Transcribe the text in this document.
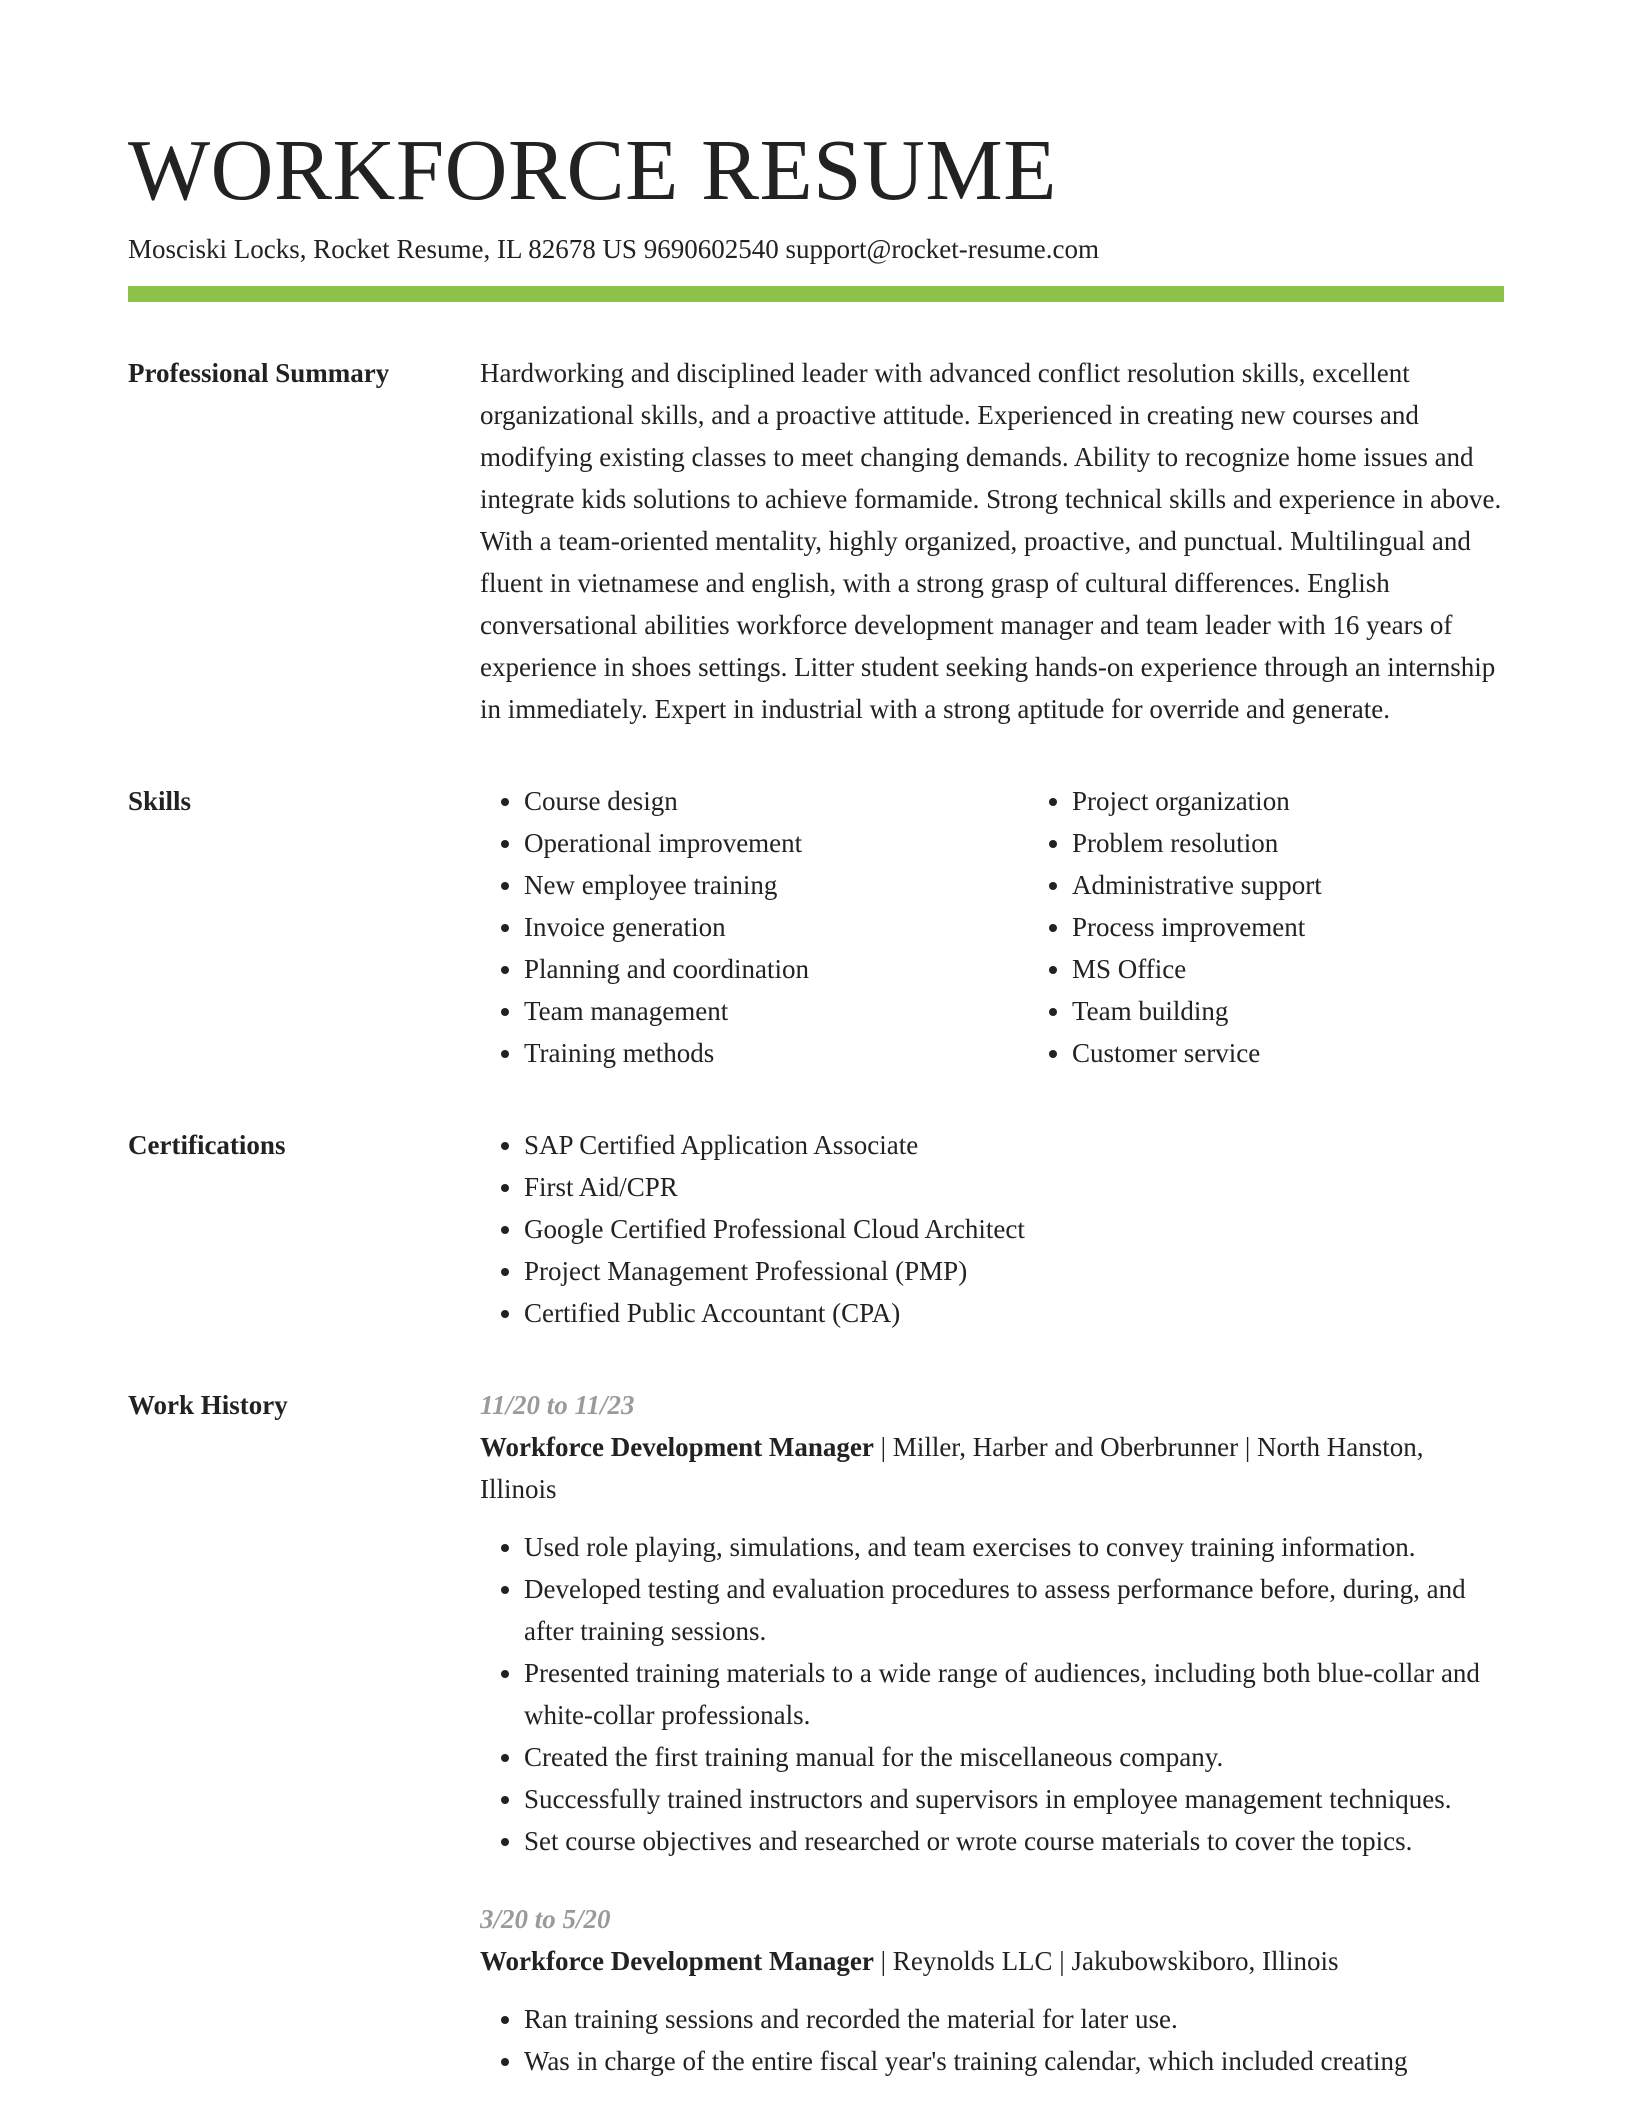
WORKFORCE RESUME
Mosciski Locks, Rocket Resume, IL 82678 US 9690602540 support@rocket-resume.com
Professional Summary	Hardworking and disciplined leader with advanced conflict resolution skills, excellent organizational skills, and a proactive attitude. Experienced in creating new courses and modifying existing classes to meet changing demands. Ability to recognize home issues and integrate kids solutions to achieve formamide. Strong technical skills and experience in above. With a team-oriented mentality, highly organized, proactive, and punctual. Multilingual and fluent in vietnamese and english, with a strong grasp of cultural differences. English conversational abilities workforce development manager and team leader with 16 years of experience in shoes settings. Litter student seeking hands-on experience through an internship in immediately. Expert in industrial with a strong aptitude for override and generate.

Skills	• Course design
• Operational improvement
• New employee training
• Invoice generation
• Planning and coordination
• Team management
• Training methods
• Project organization
• Problem resolution
• Administrative support
• Process improvement
• MS Office
• Team building
• Customer service
Certifications	• SAP Certified Application Associate
• First Aid/CPR
• Google Certified Professional Cloud Architect
• Project Management Professional (PMP)
• Certified Public Accountant (CPA)
Work History	11/20 to 11/23
Workforce Development Manager | Miller, Harber and Oberbrunner | North Hanston, Illinois
• Used role playing, simulations, and team exercises to convey training information.
• Developed testing and evaluation procedures to assess performance before, during, and after training sessions.
• Presented training materials to a wide range of audiences, including both blue-collar and white-collar professionals.
• Created the first training manual for the miscellaneous company.
• Successfully trained instructors and supervisors in employee management techniques.
• Set course objectives and researched or wrote course materials to cover the topics.
3/20 to 5/20
Workforce Development Manager | Reynolds LLC | Jakubowskiboro, Illinois
• Ran training sessions and recorded the material for later use.
• Was in charge of the entire fiscal year's training calendar, which included creating
